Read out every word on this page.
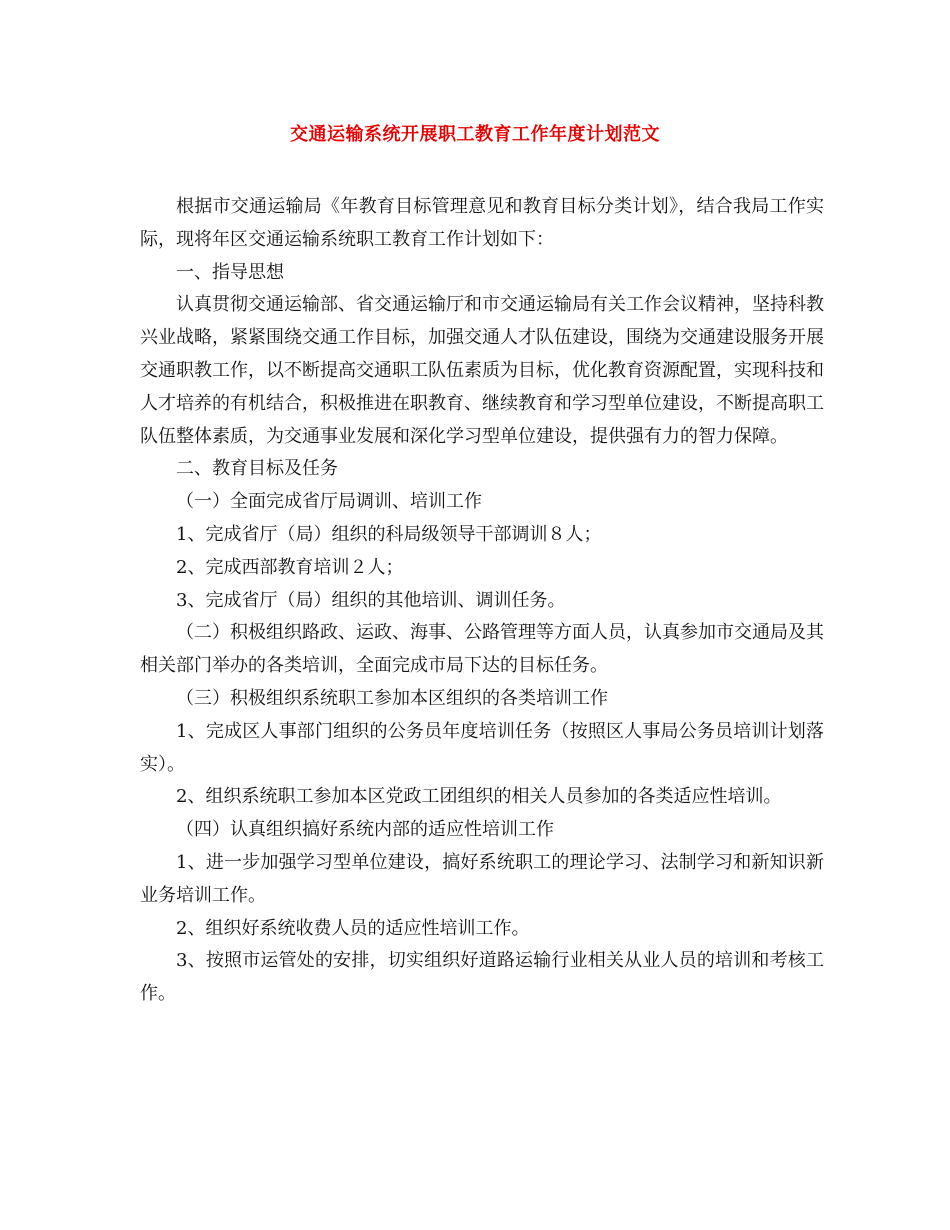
交通运输系统开展职工教育工作年度计划范文

根据市交通运输局《年教育目标管理意见和教育目标分类计划》，结合我局工作实际，现将年区交通运输系统职工教育工作计划如下：

一、指导思想

认真贯彻交通运输部、省交通运输厅和市交通运输局有关工作会议精神，坚持科教兴业战略，紧紧围绕交通工作目标，加强交通人才队伍建设，围绕为交通建设服务开展交通职教工作，以不断提高交通职工队伍素质为目标，优化教育资源配置，实现科技和人才培养的有机结合，积极推进在职教育、继续教育和学习型单位建设，不断提高职工队伍整体素质，为交通事业发展和深化学习型单位建设，提供强有力的智力保障。

二、教育目标及任务

（一）全面完成省厅局调训、培训工作

1、完成省厅（局）组织的科局级领导干部调训８人；

2、完成西部教育培训２人；

3、完成省厅（局）组织的其他培训、调训任务。

（二）积极组织路政、运政、海事、公路管理等方面人员，认真参加市交通局及其相关部门举办的各类培训，全面完成市局下达的目标任务。

（三）积极组织系统职工参加本区组织的各类培训工作

1、完成区人事部门组织的公务员年度培训任务（按照区人事局公务员培训计划落实）。

2、组织系统职工参加本区党政工团组织的相关人员参加的各类适应性培训。

（四）认真组织搞好系统内部的适应性培训工作

1、进一步加强学习型单位建设，搞好系统职工的理论学习、法制学习和新知识新业务培训工作。

2、组织好系统收费人员的适应性培训工作。

3、按照市运管处的安排，切实组织好道路运输行业相关从业人员的培训和考核工作。
